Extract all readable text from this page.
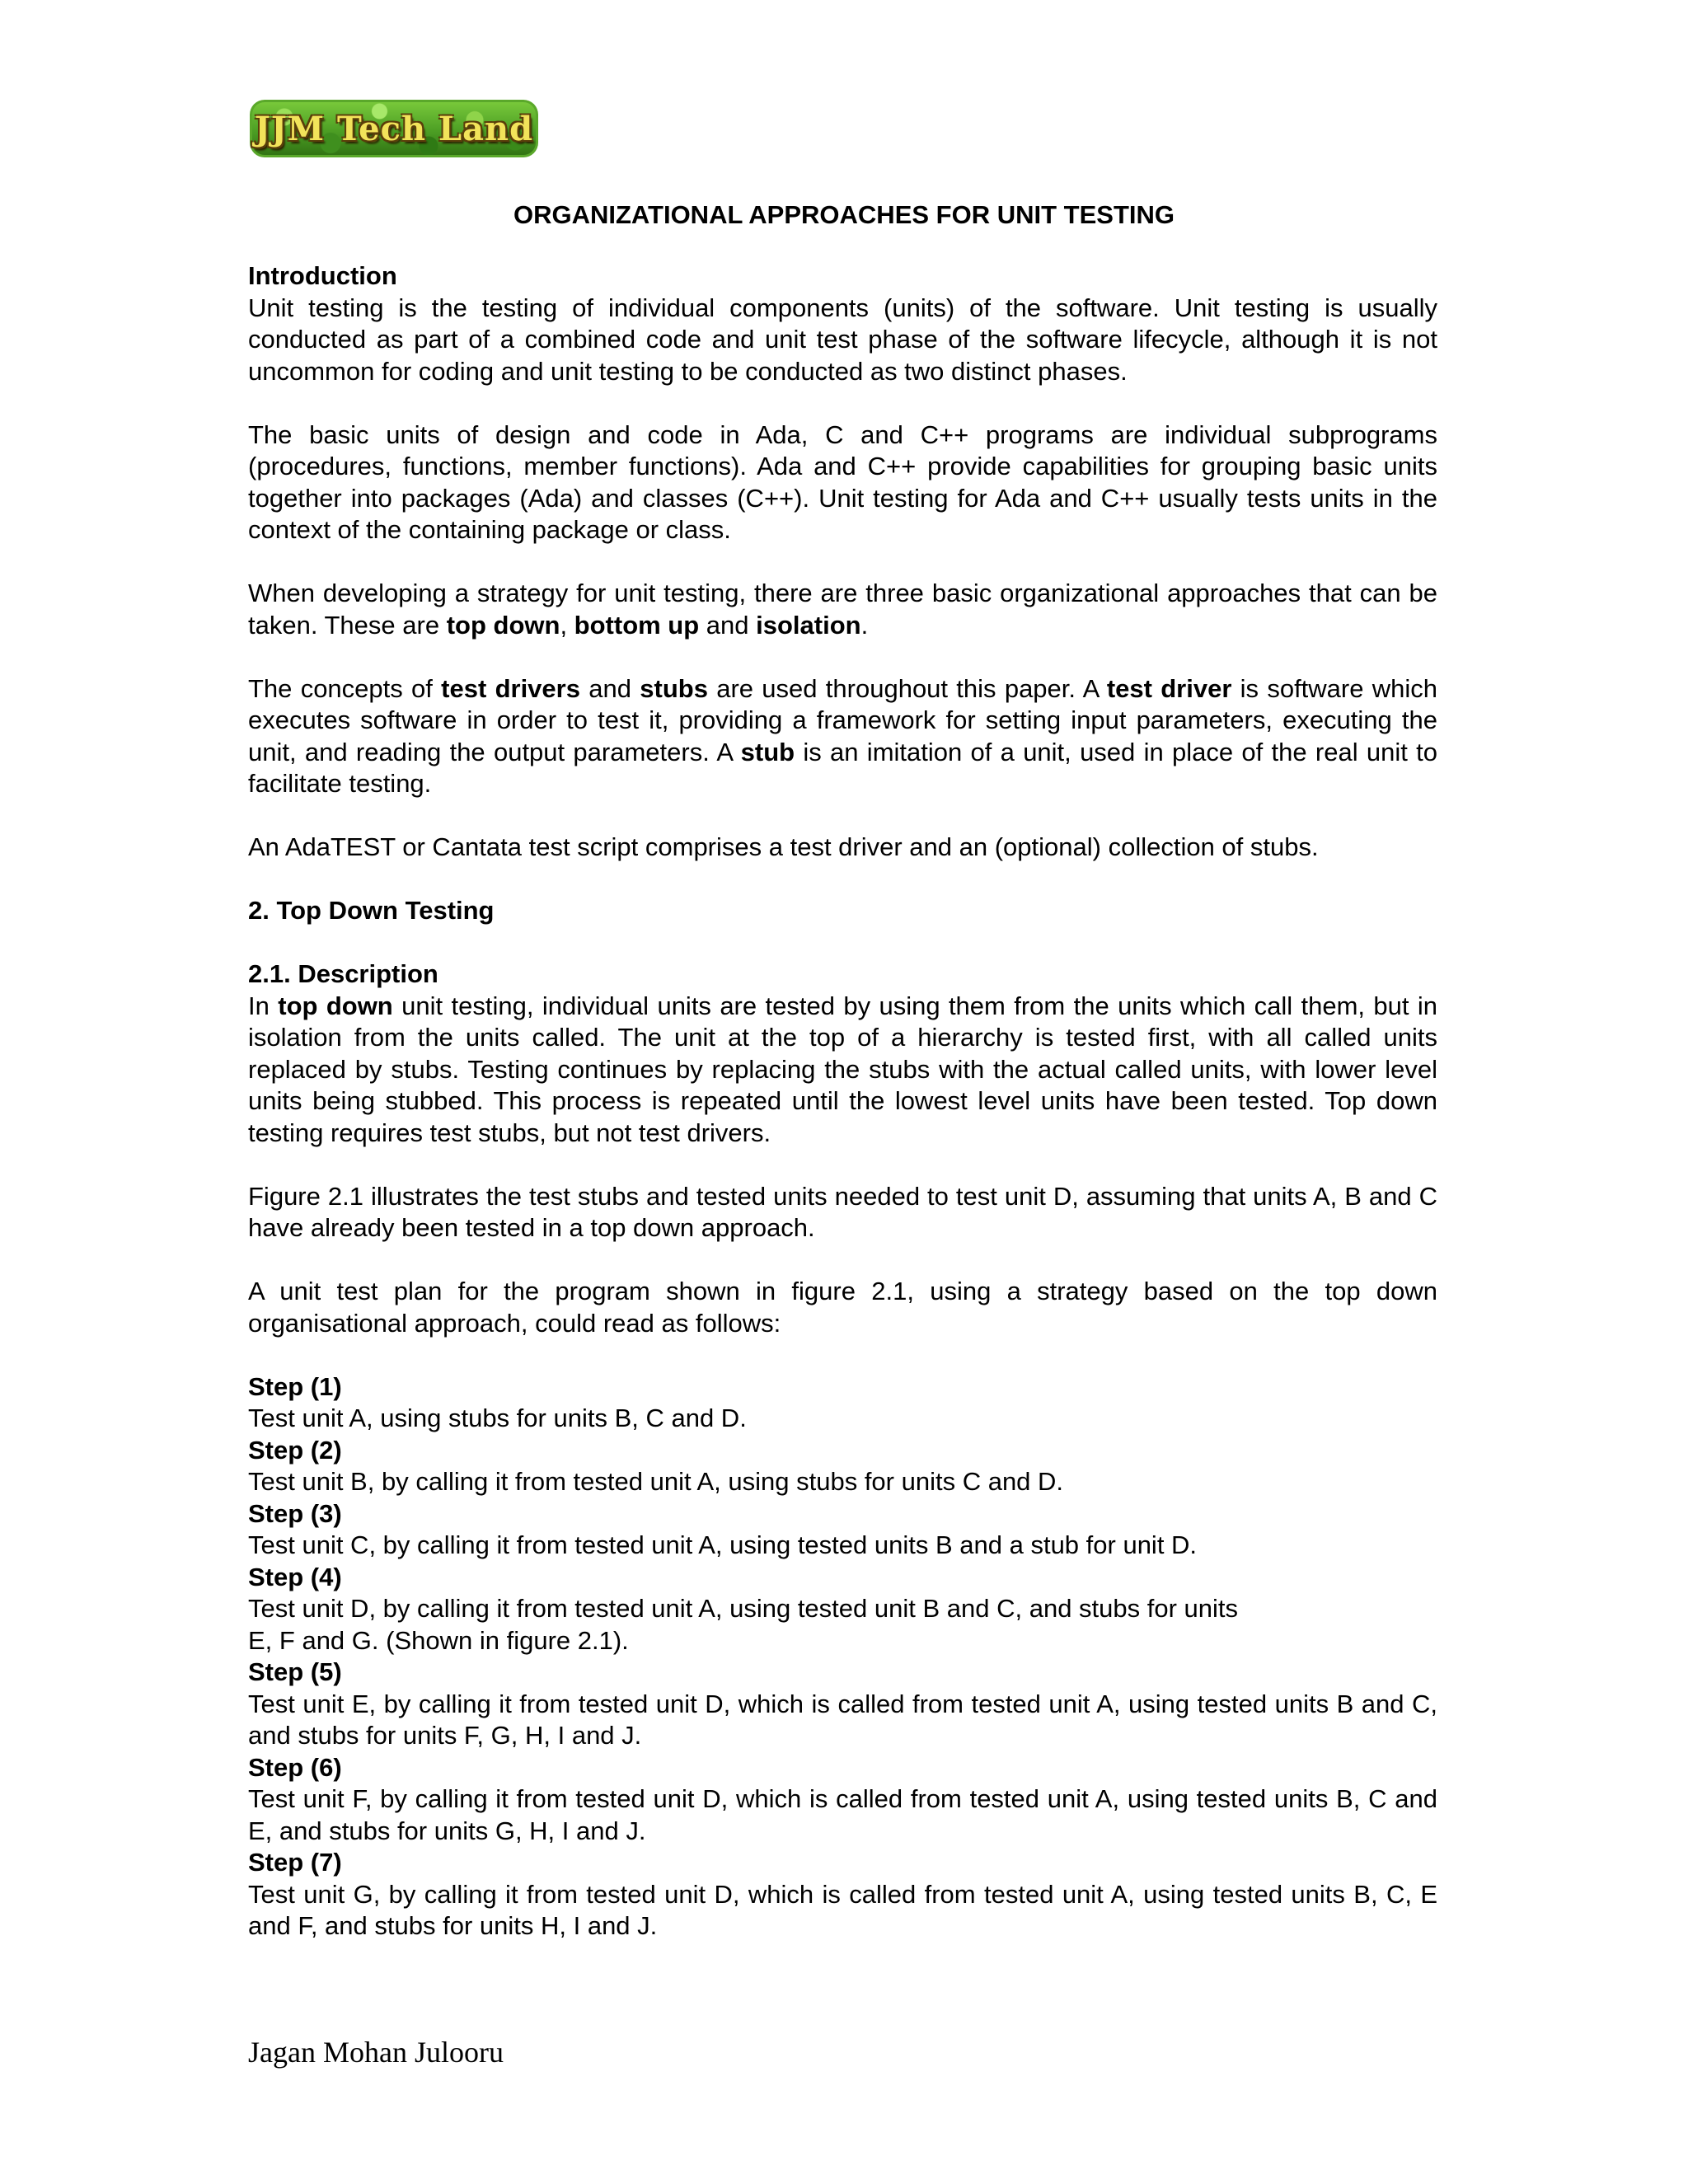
JJM Tech Land
ORGANIZATIONAL APPROACHES FOR UNIT TESTING
Introduction

Unit testing is the testing of individual components (units) of the software. Unit testing is usually conducted as part of a combined code and unit test phase of the software lifecycle, although it is not uncommon for coding and unit testing to be conducted as two distinct phases.

The basic units of design and code in Ada, C and C++ programs are individual subprograms (procedures, functions, member functions). Ada and C++ provide capabilities for grouping basic units together into packages (Ada) and classes (C++). Unit testing for Ada and C++ usually tests units in the context of the containing package or class.

When developing a strategy for unit testing, there are three basic organizational approaches that can be taken. These are top down, bottom up and isolation.

The concepts of test drivers and stubs are used throughout this paper. A test driver is software which executes software in order to test it, providing a framework for setting input parameters, executing the unit, and reading the output parameters. A stub is an imitation of a unit, used in place of the real unit to facilitate testing.

An AdaTEST or Cantata test script comprises a test driver and an (optional) collection of stubs.

2. Top Down Testing
2.1. Description

In top down unit testing, individual units are tested by using them from the units which call them, but in isolation from the units called. The unit at the top of a hierarchy is tested first, with all called units replaced by stubs. Testing continues by replacing the stubs with the actual called units, with lower level units being stubbed. This process is repeated until the lowest level units have been tested. Top down testing requires test stubs, but not test drivers.

Figure 2.1 illustrates the test stubs and tested units needed to test unit D, assuming that units A, B and C have already been tested in a top down approach.

A unit test plan for the program shown in figure 2.1, using a strategy based on the top down organisational approach, could read as follows:

Step (1)

Test unit A, using stubs for units B, C and D.

Step (2)

Test unit B, by calling it from tested unit A, using stubs for units C and D.

Step (3)

Test unit C, by calling it from tested unit A, using tested units B and a stub for unit D.

Step (4)

Test unit D, by calling it from tested unit A, using tested unit B and C, and stubs for units

E, F and G. (Shown in figure 2.1).

Step (5)

Test unit E, by calling it from tested unit D, which is called from tested unit A, using tested units B and C, and stubs for units F, G, H, I and J.

Step (6)

Test unit F, by calling it from tested unit D, which is called from tested unit A, using tested units B, C and E, and stubs for units G, H, I and J.

Step (7)

Test unit G, by calling it from tested unit D, which is called from tested unit A, using tested units B, C, E and F, and stubs for units H, I and J.

Jagan Mohan Julooru
